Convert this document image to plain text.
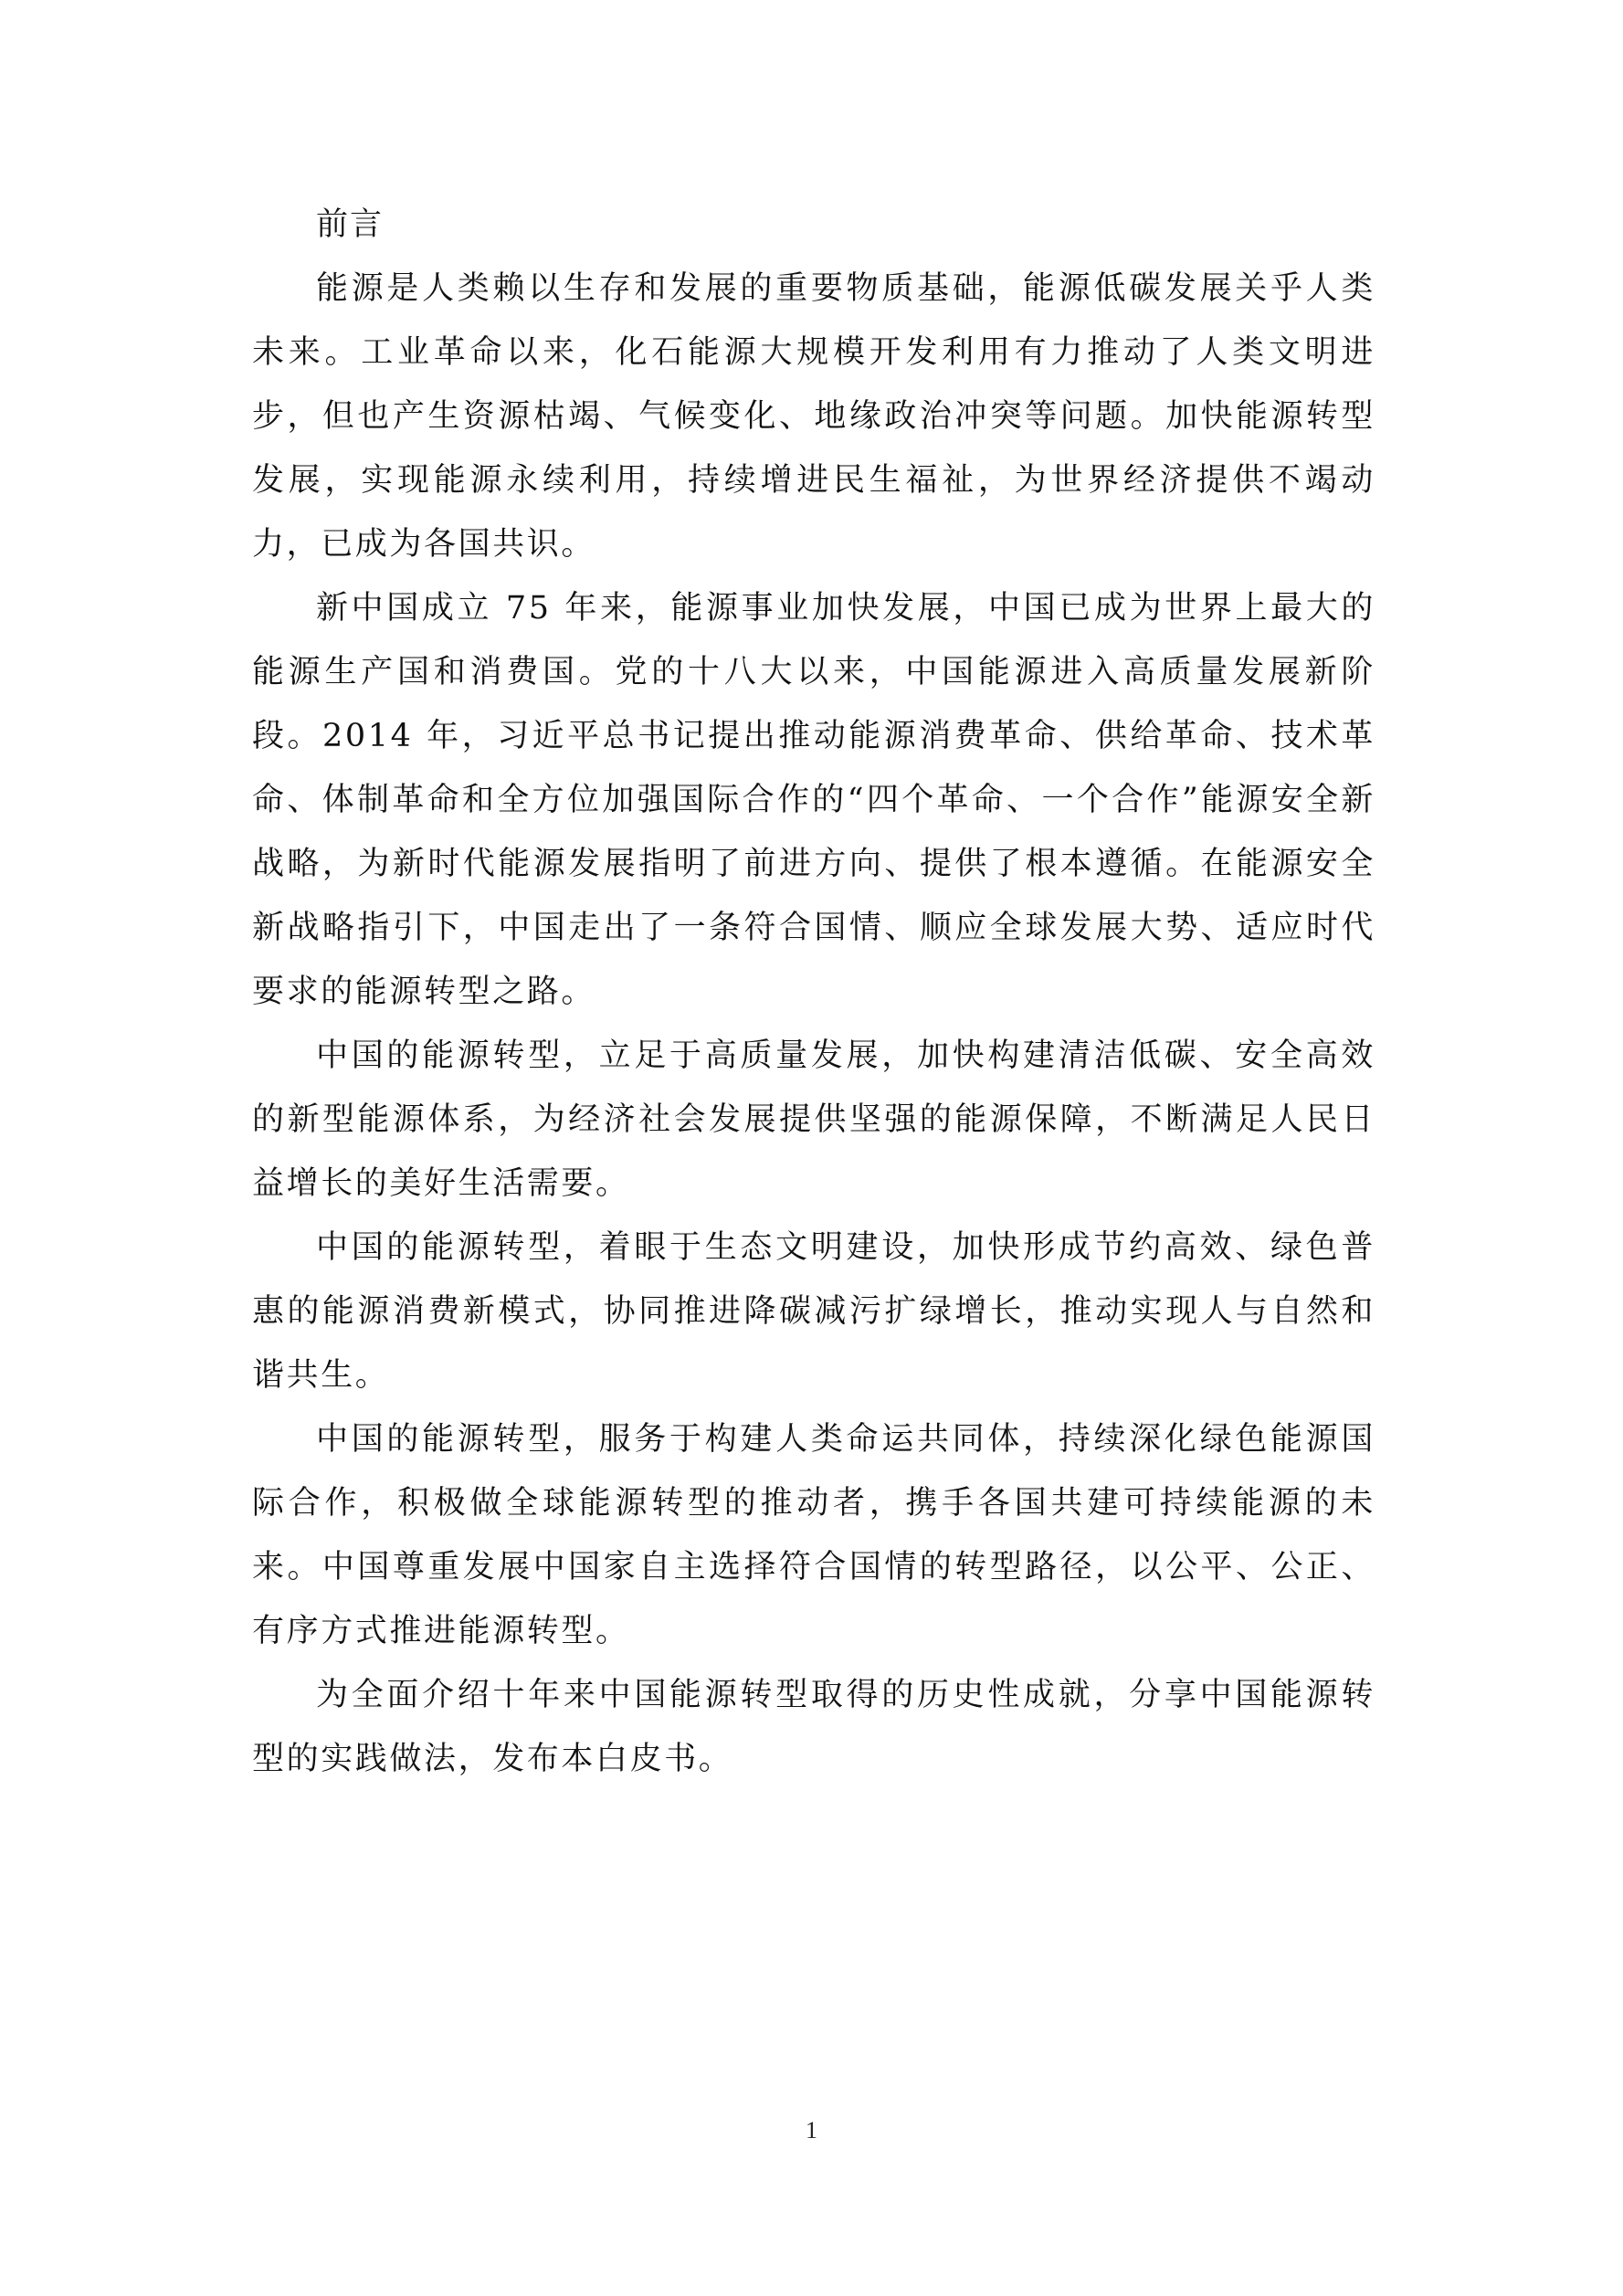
前言

能源是人类赖以生存和发展的重要物质基础，能源低碳发展关乎人类未来。工业革命以来，化石能源大规模开发利用有力推动了人类文明进步，但也产生资源枯竭、气候变化、地缘政治冲突等问题。加快能源转型发展，实现能源永续利用，持续增进民生福祉，为世界经济提供不竭动力，已成为各国共识。

新中国成立 75 年来，能源事业加快发展，中国已成为世界上最大的能源生产国和消费国。党的十八大以来，中国能源进入高质量发展新阶段。2014 年，习近平总书记提出推动能源消费革命、供给革命、技术革命、体制革命和全方位加强国际合作的“四个革命、一个合作”能源安全新战略，为新时代能源发展指明了前进方向、提供了根本遵循。在能源安全新战略指引下，中国走出了一条符合国情、顺应全球发展大势、适应时代要求的能源转型之路。

中国的能源转型，立足于高质量发展，加快构建清洁低碳、安全高效的新型能源体系，为经济社会发展提供坚强的能源保障，不断满足人民日益增长的美好生活需要。

中国的能源转型，着眼于生态文明建设，加快形成节约高效、绿色普惠的能源消费新模式，协同推进降碳减污扩绿增长，推动实现人与自然和谐共生。

中国的能源转型，服务于构建人类命运共同体，持续深化绿色能源国际合作，积极做全球能源转型的推动者，携手各国共建可持续能源的未来。中国尊重发展中国家自主选择符合国情的转型路径，以公平、公正、有序方式推进能源转型。

为全面介绍十年来中国能源转型取得的历史性成就，分享中国能源转型的实践做法，发布本白皮书。

1
